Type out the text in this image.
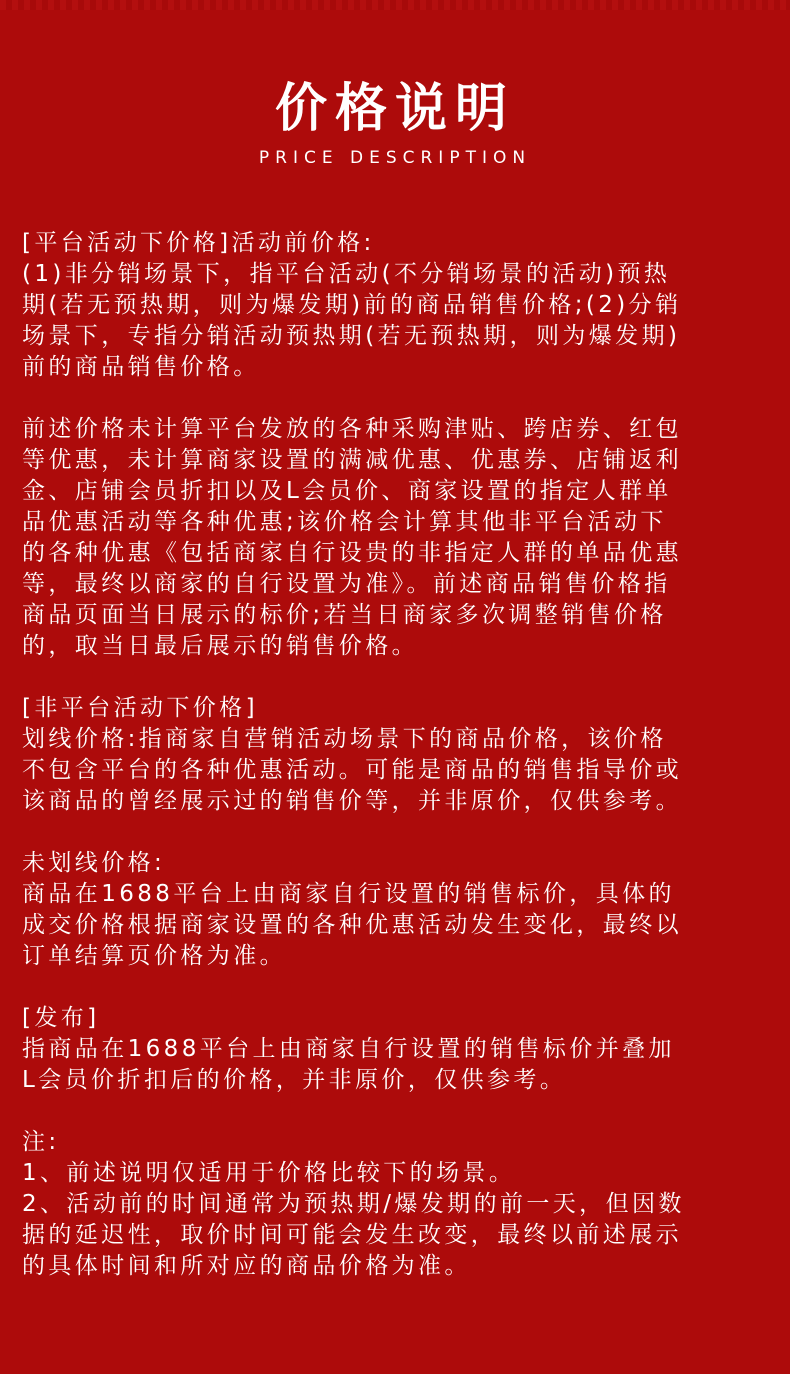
价格说明
PRICE DESCRIPTION
[平台活动下价格]活动前价格:
(1)非分销场景下，指平台活动(不分销场景的活动)预热
期(若无预热期，则为爆发期)前的商品销售价格;(2)分销
场景下，专指分销活动预热期(若无预热期，则为爆发期)
前的商品销售价格。
前述价格未计算平台发放的各种采购津贴、跨店券、红包
等优惠，未计算商家设置的满减优惠、优惠券、店铺返利
金、店铺会员折扣以及L会员价、商家设置的指定人群单
品优惠活动等各种优惠;该价格会计算其他非平台活动下
的各种优惠《包括商家自行设贵的非指定人群的单品优惠
等，最终以商家的自行设置为准》。前述商品销售价格指
商品页面当日展示的标价;若当日商家多次调整销售价格
的，取当日最后展示的销售价格。
[非平台活动下价格]
划线价格:指商家自营销活动场景下的商品价格，该价格
不包含平台的各种优惠活动。可能是商品的销售指导价或
该商品的曾经展示过的销售价等，并非原价，仅供参考。
未划线价格:
商品在1688平台上由商家自行设置的销售标价，具体的
成交价格根据商家设置的各种优惠活动发生变化，最终以
订单结算页价格为准。
[发布]
指商品在1688平台上由商家自行设置的销售标价并叠加
L会员价折扣后的价格，并非原价，仅供参考。
注:
1、前述说明仅适用于价格比较下的场景。
2、活动前的时间通常为预热期/爆发期的前一天，但因数
据的延迟性，取价时间可能会发生改变，最终以前述展示
的具体时间和所对应的商品价格为准。
